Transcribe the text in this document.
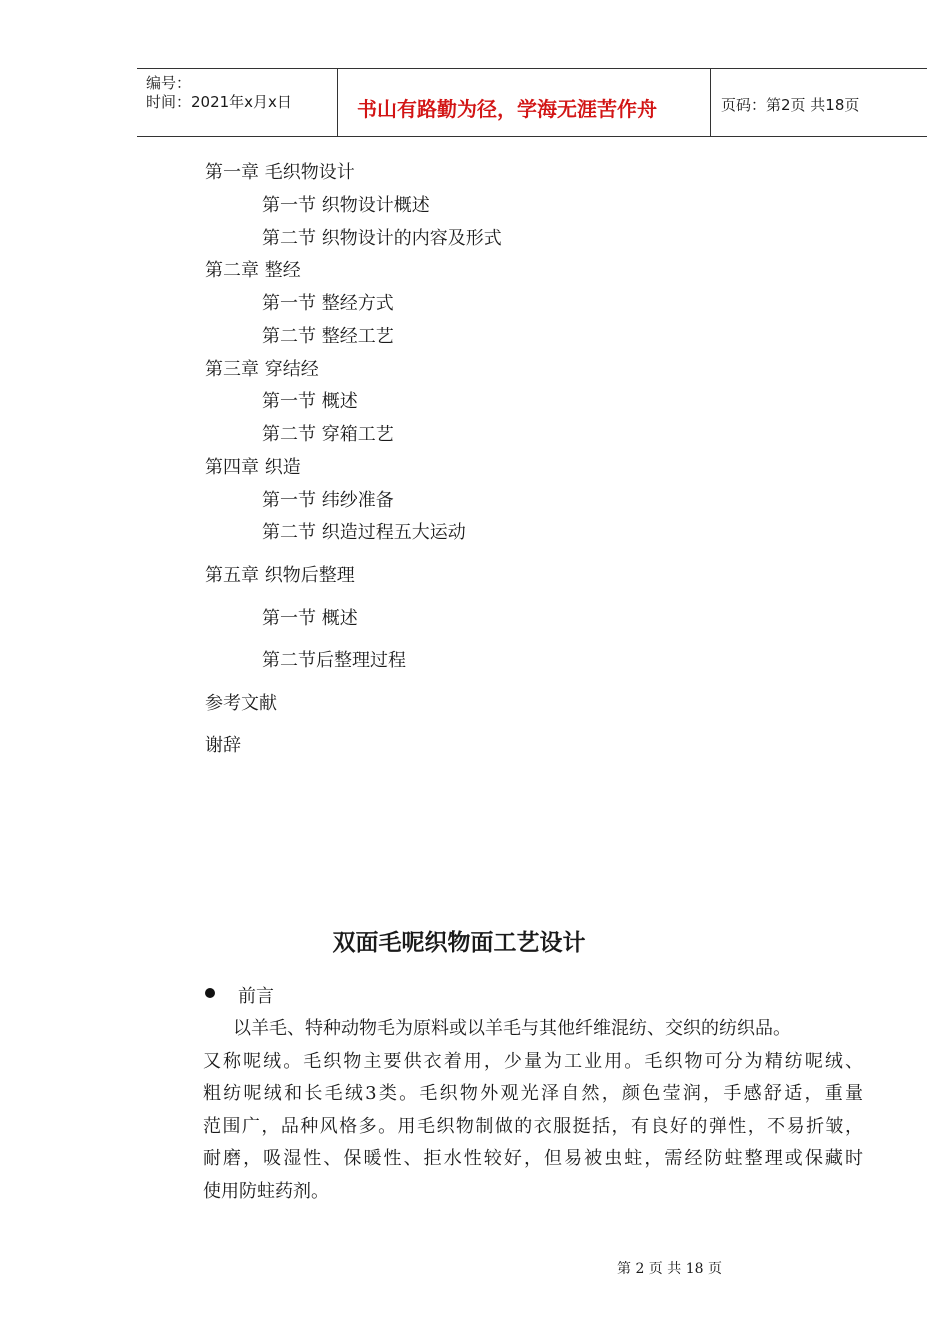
编号：
时间：2021年x月x日	书山有路勤为径，学海无涯苦作舟	页码：第2页 共18页
第一章 毛织物设计
第一节 织物设计概述
第二节 织物设计的内容及形式
第二章 整经
第一节 整经方式
第二节 整经工艺
第三章 穿结经
第一节 概述
第二节 穿箱工艺
第四章 织造
第一节 纬纱准备
第二节 织造过程五大运动
第五章 织物后整理
第一节 概述
第二节后整理过程
参考文献
谢辞
双面毛呢织物面工艺设计
前言
以羊毛、特种动物毛为原料或以羊毛与其他纤维混纺、交织的纺织品。
又称呢绒。毛织物主要供衣着用，少量为工业用。毛织物可分为精纺呢绒、
粗纺呢绒和长毛绒3类。毛织物外观光泽自然，颜色莹润，手感舒适，重量
范围广，品种风格多。用毛织物制做的衣服挺括，有良好的弹性，不易折皱，
耐磨，吸湿性、保暖性、拒水性较好，但易被虫蛀，需经防蛀整理或保藏时
使用防蛀药剂。
第 2 页 共 18 页
